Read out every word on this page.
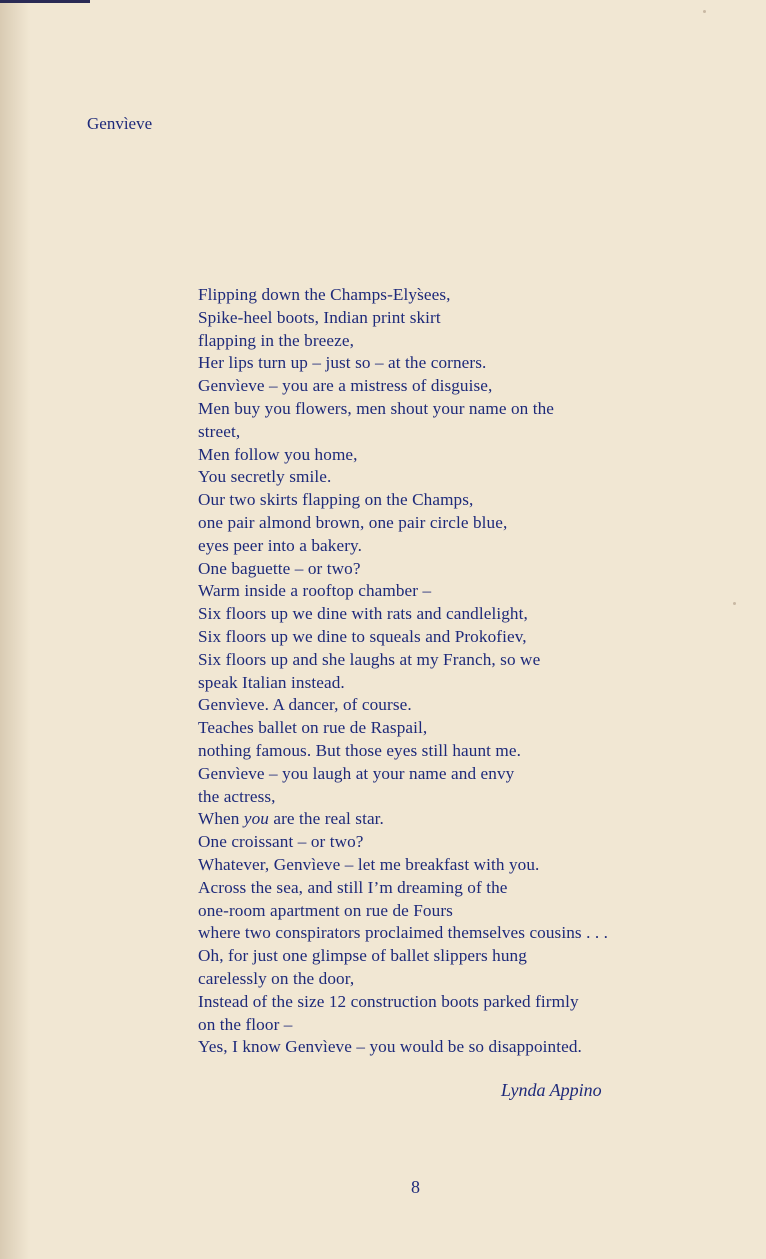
Genvìeve
Flipping down the Champs-Elys̀ees,
Spike-heel boots, Indian print skirt
flapping in the breeze,
Her lips turn up – just so – at the corners.
Genvìeve – you are a mistress of disguise,
Men buy you flowers, men shout your name on the
street,
Men follow you home,
You secretly smile.
Our two skirts flapping on the Champs,
one pair almond brown, one pair circle blue,
eyes peer into a bakery.
One baguette – or two?
Warm inside a rooftop chamber –
Six floors up we dine with rats and candlelight,
Six floors up we dine to squeals and Prokofiev,
Six floors up and she laughs at my Franch, so we
speak Italian instead.
Genvìeve. A dancer, of course.
Teaches ballet on rue de Raspail,
nothing famous. But those eyes still haunt me.
Genvìeve – you laugh at your name and envy
the actress,
When you are the real star.
One croissant – or two?
Whatever, Genvìeve – let me breakfast with you.
Across the sea, and still I’m dreaming of the
one-room apartment on rue de Fours
where two conspirators proclaimed themselves cousins . . .
Oh, for just one glimpse of ballet slippers hung
carelessly on the door,
Instead of the size 12 construction boots parked firmly
on the floor –
Yes, I know Genvìeve – you would be so disappointed.
Lynda Appino
8
